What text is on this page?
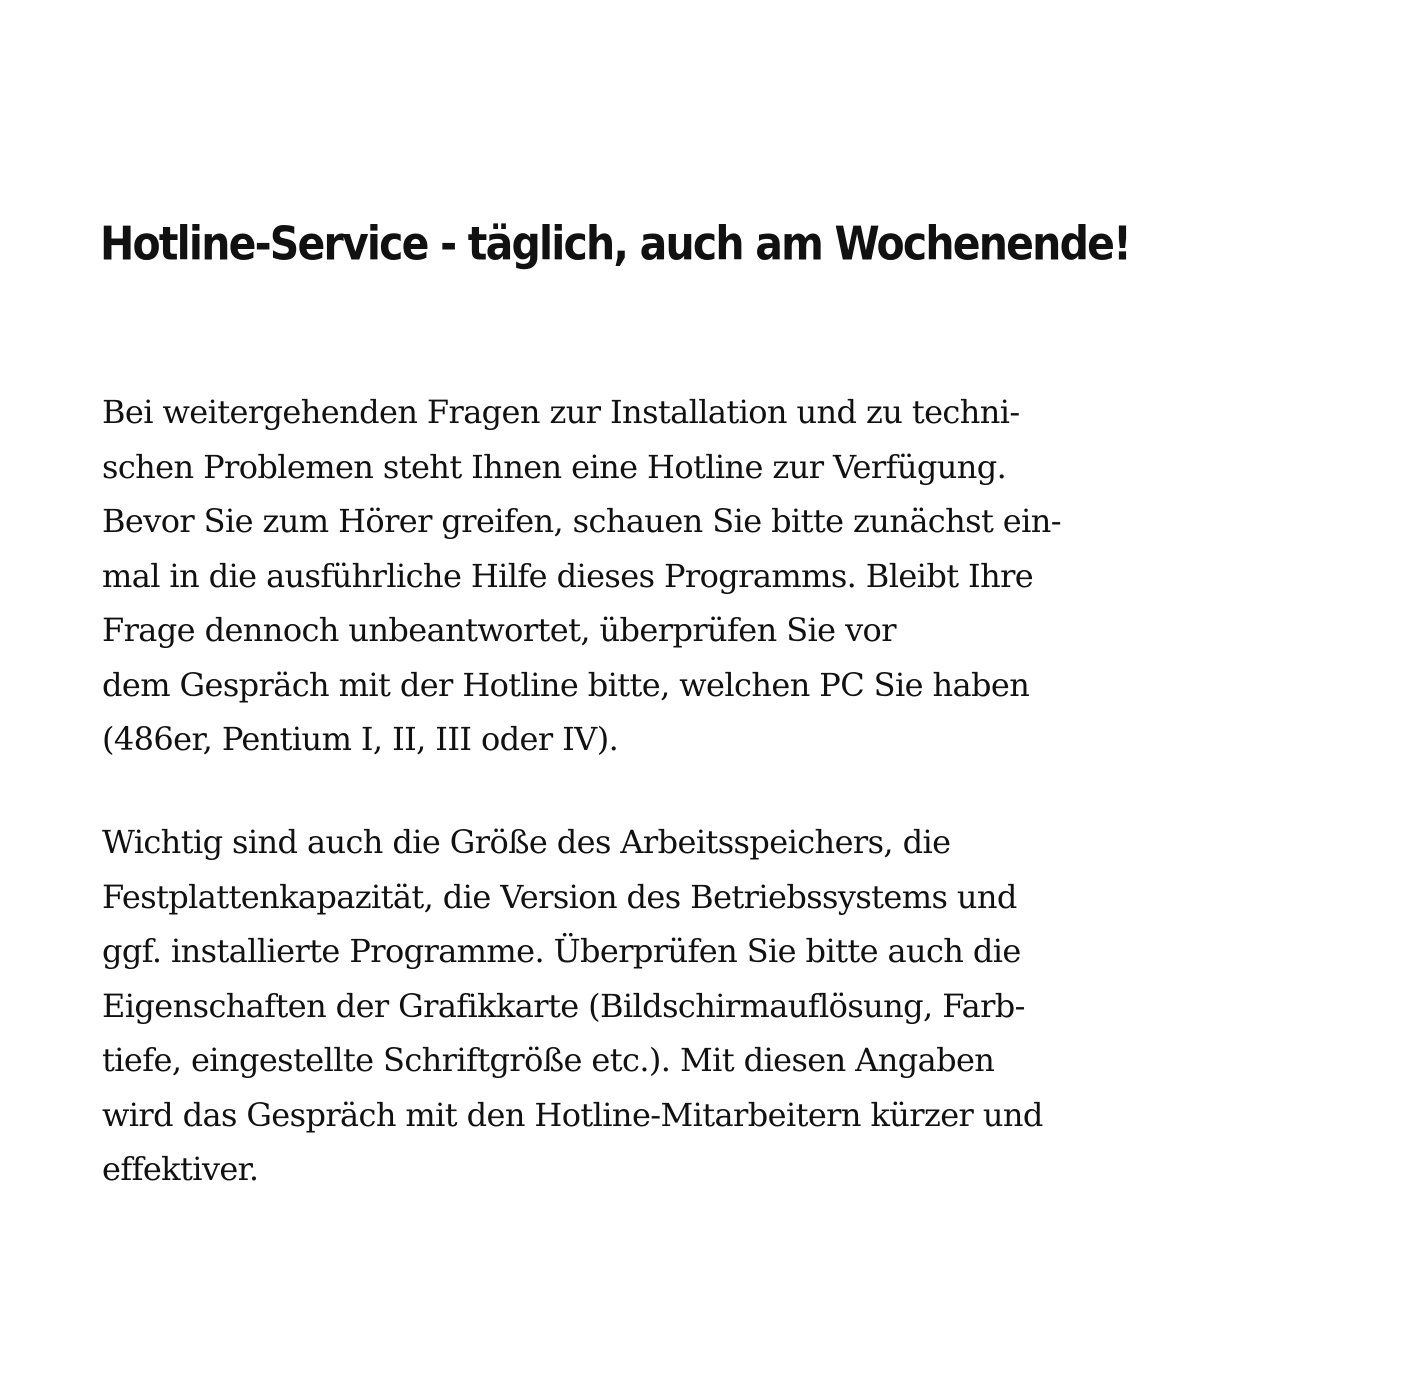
Hotline-Service - täglich, auch am Wochenende!

Bei weitergehenden Fragen zur Installation und zu techni-
schen Problemen steht Ihnen eine Hotline zur Verfügung.
Bevor Sie zum Hörer greifen, schauen Sie bitte zunächst ein-
mal in die ausführliche Hilfe dieses Programms. Bleibt Ihre
Frage dennoch unbeantwortet, überprüfen Sie vor
dem Gespräch mit der Hotline bitte, welchen PC Sie haben
(486er, Pentium I, II, III oder IV).

Wichtig sind auch die Größe des Arbeitsspeichers, die
Festplattenkapazität, die Version des Betriebssystems und
ggf. installierte Programme. Überprüfen Sie bitte auch die
Eigenschaften der Grafikkarte (Bildschirmauflösung, Farb-
tiefe, eingestellte Schriftgröße etc.). Mit diesen Angaben
wird das Gespräch mit den Hotline-Mitarbeitern kürzer und
effektiver.
